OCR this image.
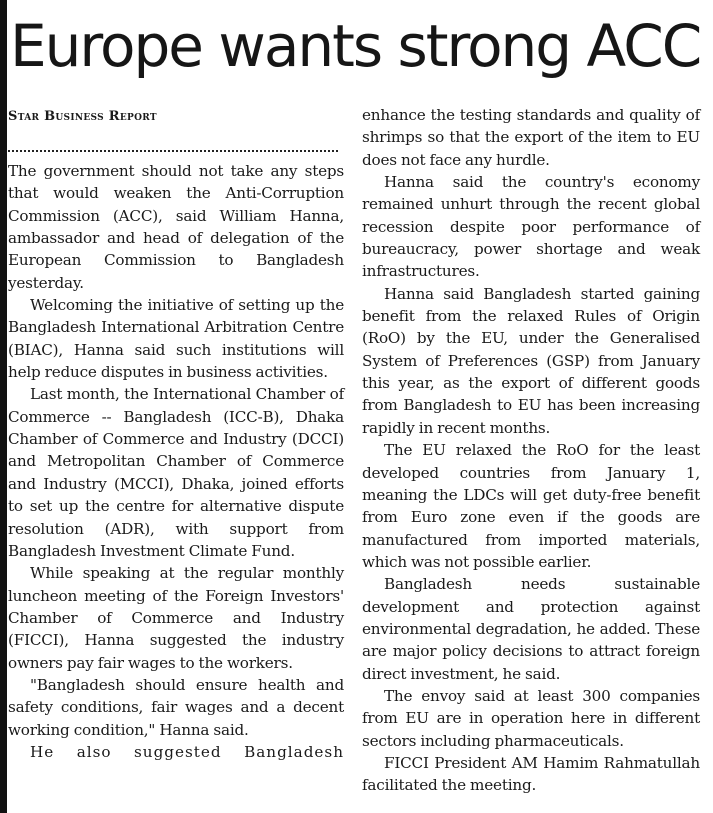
Europe wants strong ACC
Star Business Report

The government should not take any steps that would weaken the Anti-Corruption Commission (ACC), said William Hanna, ambassador and head of delegation of the European Commission to Bangladesh yesterday.

Welcoming the initiative of setting up the Bangladesh International Arbitration Centre (BIAC), Hanna said such institutions will help reduce disputes in business activities.

Last month, the International Chamber of Commerce -- Bangladesh (ICC-B), Dhaka Chamber of Commerce and Industry (DCCI) and Metropolitan Chamber of Commerce and Industry (MCCI), Dhaka, joined efforts to set up the centre for alternative dispute resolution (ADR), with support from Bangladesh Investment Climate Fund.

While speaking at the regular monthly luncheon meeting of the Foreign Investors' Chamber of Commerce and Industry (FICCI), Hanna suggested the industry owners pay fair wages to the workers.

"Bangladesh should ensure health and safety conditions, fair wages and a decent working condition," Hanna said.

He also suggested Bangladesh

enhance the testing standards and quality of shrimps so that the export of the item to EU does not face any hurdle.

Hanna said the country's economy remained unhurt through the recent global recession despite poor performance of bureaucracy, power shortage and weak infrastructures.

Hanna said Bangladesh started gaining benefit from the relaxed Rules of Origin (RoO) by the EU, under the Generalised System of Preferences (GSP) from January this year, as the export of different goods from Bangladesh to EU has been increasing rapidly in recent months.

The EU relaxed the RoO for the least developed countries from January 1, meaning the LDCs will get duty-free benefit from Euro zone even if the goods are manufactured from imported materials, which was not possible earlier.

Bangladesh needs sustainable development and protection against environmental degradation, he added. These are major policy decisions to attract foreign direct investment, he said.

The envoy said at least 300 companies from EU are in operation here in different sectors including pharmaceuticals.

FICCI President AM Hamim Rahmatullah facilitated the meeting.
